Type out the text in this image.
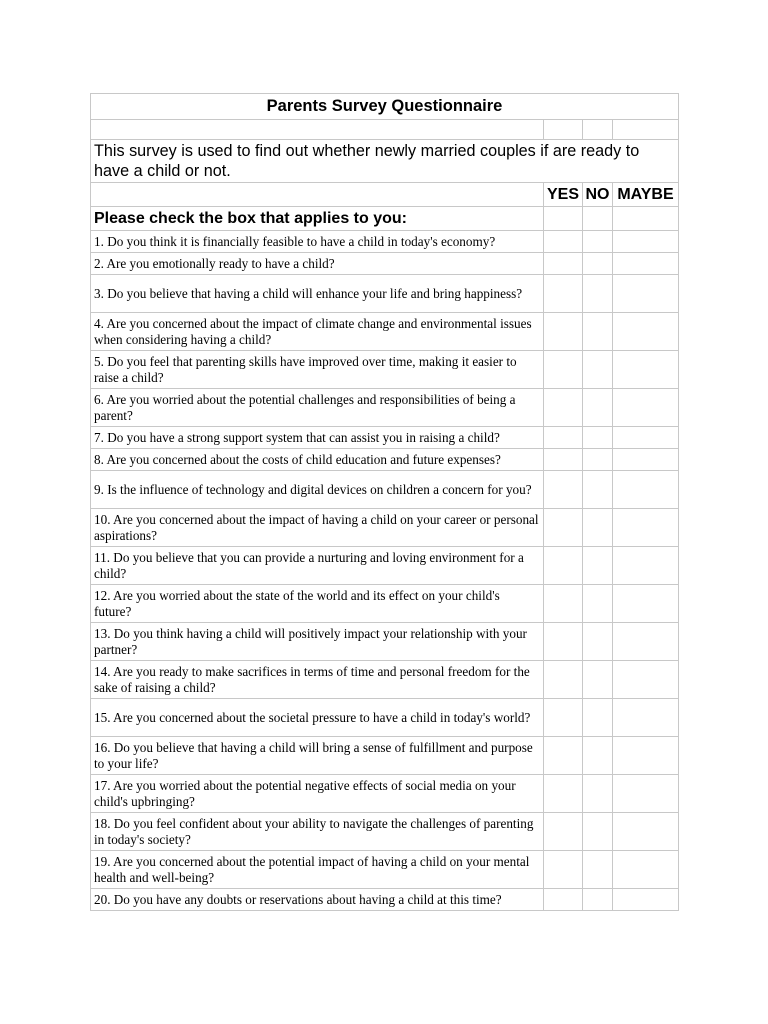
Parents Survey Questionnaire			

This survey is used to find out whether newly married couples if are ready to have a child or not.			
	YES	NO	MAYBE
Please check the box that applies to you:			
1. Do you think it is financially feasible to have a child in today's economy?			
2. Are you emotionally ready to have a child?			
3. Do you believe that having a child will enhance your life and bring happiness?			
4. Are you concerned about the impact of climate change and environmental issues when considering having a child?			
5. Do you feel that parenting skills have improved over time, making it easier to raise a child?			
6. Are you worried about the potential challenges and responsibilities of being a parent?			
7. Do you have a strong support system that can assist you in raising a child?			
8. Are you concerned about the costs of child education and future expenses?			
9. Is the influence of technology and digital devices on children a concern for you?			
10. Are you concerned about the impact of having a child on your career or personal aspirations?			
11. Do you believe that you can provide a nurturing and loving environment for a child?			
12. Are you worried about the state of the world and its effect on your child's future?			
13. Do you think having a child will positively impact your relationship with your partner?			
14. Are you ready to make sacrifices in terms of time and personal freedom for the sake of raising a child?			
15. Are you concerned about the societal pressure to have a child in today's world?			
16. Do you believe that having a child will bring a sense of fulfillment and purpose to your life?			
17. Are you worried about the potential negative effects of social media on your child's upbringing?			
18. Do you feel confident about your ability to navigate the challenges of parenting in today's society?			
19. Are you concerned about the potential impact of having a child on your mental health and well-being?			
20. Do you have any doubts or reservations about having a child at this time?			
